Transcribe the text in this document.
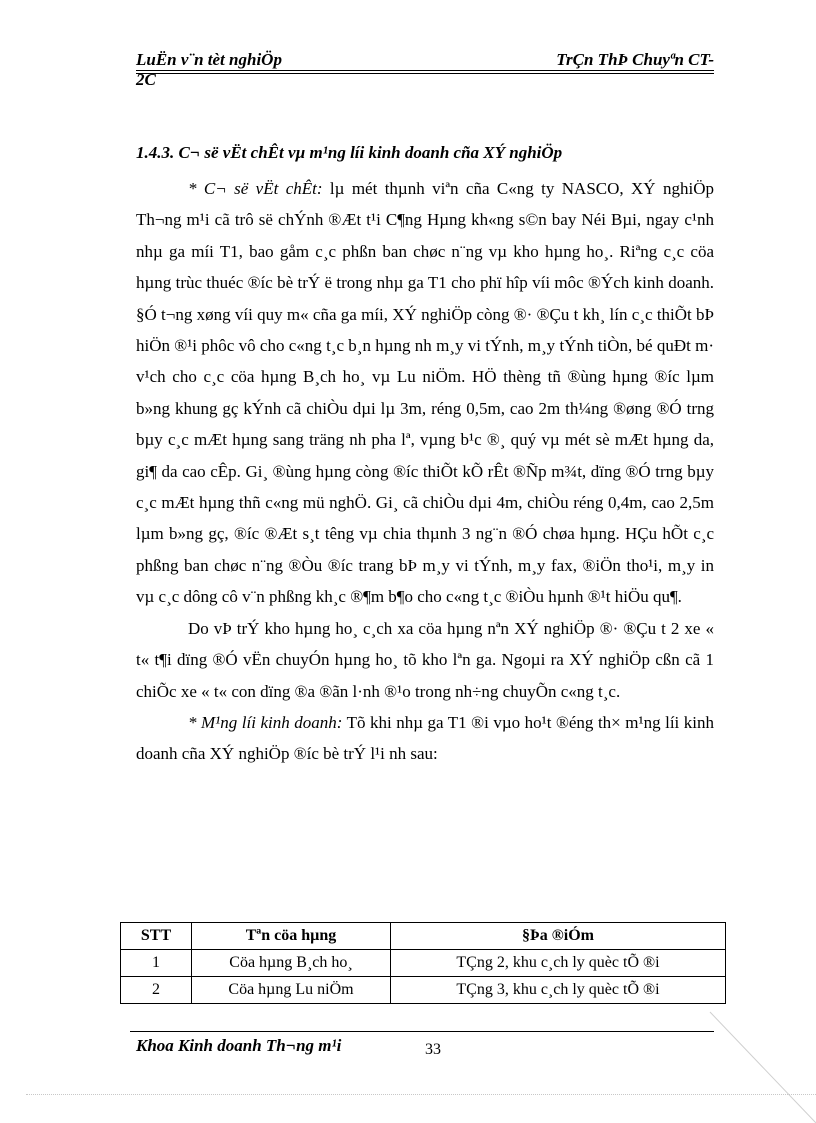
LuËn v¨n tèt nghiÖp	TrÇn ThÞ Chuyªn CT-
2C
1.4.3. C¬ së vËt chÊt vµ m¹ng líi kinh doanh cña XÝ nghiÖp

* C¬ së vËt chÊt: lµ mét thµnh viªn cña C«ng ty NASCO, XÝ nghiÖp Th¬ng m¹i cã trô së chÝnh ®Æt t¹i C¶ng Hµng kh«ng s©n bay Néi Bµi, ngay c¹nh nhµ ga míi T1, bao gåm c¸c phßn ban chøc n¨ng vµ kho hµng ho¸. Riªng c¸c cöa hµng trùc thuéc ®íc bè trÝ ë trong nhµ ga T1 cho phï hîp víi môc ®Ých kinh doanh. §Ó t¬ng xøng víi quy m« cña ga míi, XÝ nghiÖp còng ®· ®Çu t kh¸ lín c¸c thiÕt bÞ hiÖn ®¹i phôc vô cho c«ng t¸c b¸n hµng nh m¸y vi tÝnh, m¸y tÝnh tiÒn, bé quÐt m· v¹ch cho c¸c cöa hµng B¸ch ho¸ vµ Lu niÖm. HÖ thèng tñ ®ùng hµng ®íc lµm b»ng khung gç kÝnh cã chiÒu dµi lµ 3m, réng 0,5m, cao 2m th¼ng ®øng ®Ó trng bµy c¸c mÆt hµng sang träng nh pha lª, vµng b¹c ®¸ quý vµ mét sè mÆt hµng da, gi¶ da cao cÊp. Gi¸ ®ùng hµng còng ®íc thiÕt kÕ rÊt ®Ñp m¾t, dïng ®Ó trng bµy c¸c mÆt hµng thñ c«ng mü nghÖ. Gi¸ cã chiÒu dµi 4m, chiÒu réng 0,4m, cao 2,5m lµm b»ng gç, ®íc ®Æt s¸t têng vµ chia thµnh 3 ng¨n ®Ó chøa hµng. HÇu hÕt c¸c phßng ban chøc n¨ng ®Òu ®íc trang bÞ m¸y vi tÝnh, m¸y fax, ®iÖn tho¹i, m¸y in vµ c¸c dông cô v¨n phßng kh¸c ®¶m b¶o cho c«ng t¸c ®iÒu hµnh ®¹t hiÖu qu¶.

Do vÞ trÝ kho hµng ho¸ c¸ch xa cöa hµng nªn XÝ nghiÖp ®· ®Çu t 2 xe « t« t¶i dïng ®Ó vËn chuyÓn hµng ho¸ tõ kho lªn ga. Ngoµi ra XÝ nghiÖp cßn cã 1 chiÕc xe « t« con dïng ®a ®ãn l·nh ®¹o trong nh÷ng chuyÕn c«ng t¸c.

* M¹ng líi kinh doanh: Tõ khi nhµ ga T1 ®i vµo ho¹t ®éng th× m¹ng líi kinh doanh cña XÝ nghiÖp ®íc bè trÝ l¹i nh sau:

STT	Tªn cöa hµng	§Þa ®iÓm
1	Cöa hµng B¸ch ho¸	TÇng 2, khu c¸ch ly quèc tÕ ®i
2	Cöa hµng Lu niÖm	TÇng 3, khu c¸ch ly quèc tÕ ®i
Khoa Kinh doanh Th¬ng m¹i	33
